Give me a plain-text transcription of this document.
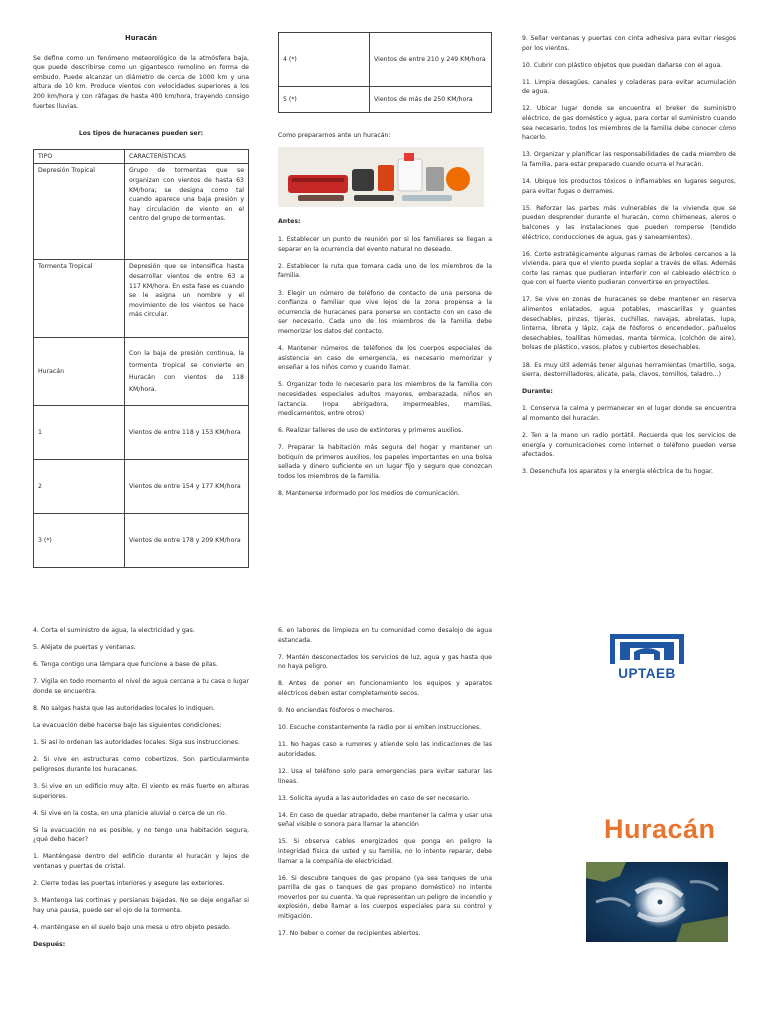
Huracán

Se define como un fenómeno meteorológico de la atmósfera baja, que puede describirse como un gigantesco remolino en forma de embudo. Puede alcanzar un diámetro de cerca de 1000 km y una altura de 10 km. Produce vientos con velocidades superiores a los 200 km/hora y con ráfagas de hasta 400 km/hora, trayendo consigo fuertes lluvias.

Los tipos de huracanes pueden ser:

TIPO	CARACTERÍSTICAS
Depresión Tropical	Grupo de tormentas que se organizan con vientos de hasta 63 KM/hora; se designa como tal cuando aparece una baja presión y hay circulación de viento en el centro del grupo de tormentas.
Tormenta Tropical	Depresión que se intensifica hasta desarrollar vientos de entre 63 a 117 KM/hora. En esta fase es cuando se le asigna un nombre y el movimiento de los vientos se hace más circular.
Huracán	Con la baja de presión continua, la tormenta tropical se convierte en Huracán con vientos de 118 KM/hora.
1	Vientos de entre 118 y 153 KM/hora
2	Vientos de entre 154 y 177 KM/hora
3 (*)	Vientos de entre 178 y 209 KM/hora
4 (*)	Vientos de entre 210 y 249 KM/hora
5 (*)	Vientos de más de 250 KM/hora

Como prepararnos ante un huracán:

Antes:

1. Establecer un punto de reunión por si los familiares se llegan a separar en la ocurrencia del evento natural no deseado.

2. Establecer la ruta que tomara cada uno de los miembros de la familia.

3. Elegir un número de teléfono de contacto de una persona de confianza o familiar que vive lejos de la zona propensa a la ocurrencia de huracanes para ponerse en contacto con en caso de ser necesario. Cada uno de los miembros de la familia debe memorizar los datos del contacto.

4. Mantener números de teléfonos de los cuerpos especiales de asistencia en caso de emergencia, es necesario memorizar y enseñar a los niños como y cuando llamar.

5. Organizar todo lo necesario para los miembros de la familia con necesidades especiales adultos mayores, embarazada, niños en lactancia. (ropa abrigadora, impermeables, mamilas, medicamentos, entre otros)

6. Realizar talleres de uso de extintores y primeros auxilios.

7. Preparar la habitación más segura del hogar y mantener un botiquín de primeros auxilios, los papeles importantes en una bolsa sellada y dinero suficiente en un lugar fijo y seguro que conozcan todos los miembros de la familia.

8. Mantenerse informado por los medios de comunicación.

9. Sellar ventanas y puertas con cinta adhesiva para evitar riesgos por los vientos.

10. Cubrir con plástico objetos que puedan dañarse con el agua.

11. Limpia desagües, canales y coladeras para evitar acumulación de agua.

12. Ubicar lugar donde se encuentra el breker de suministro eléctrico, de gas doméstico y agua, para cortar el suministro cuando sea necesario, todos los miembros de la familia debe conocer cómo hacerlo.

13. Organizar y planificar las responsabilidades de cada miembro de la familia, para estar preparado cuando ocurra el huracán.

14. Ubique los productos tóxicos o inflamables en lugares seguros, para evitar fugas o derrames.

15. Reforzar las partes más vulnerables de la vivienda que se pueden desprender durante el huracán, como chimeneas, aleros o balcones y las instalaciones que pueden romperse (tendido eléctrico, conducciones de agua, gas y saneamientos).

16. Corte estratégicamente algunas ramas de árboles cercanos a la vivienda, para que el viento pueda soplar a través de ellas. Además corte las ramas que pudieran interferir con el cableado eléctrico o que con el fuerte viento pudieran convertirse en proyectiles.

17. Se vive en zonas de huracanes se debe mantener en reserva alimentos enlatados, agua potables, mascarillas y guantes desechables, pinzas, tijeras, cuchillas, navajas, abrelatas, lupa, linterna, libreta y lápiz, caja de fósforos o encendedor, pañuelos desechables, toallitas húmedas, manta térmica, (colchón de aire), bolsas de plástico, vasos, platos y cubiertos desechables.

18. Es muy útil además tener algunas herramientas (martillo, soga, sierra, destornilladores, alicate, pala, clavos, tornillos, taladro...)

Durante:

1. Conserva la calma y permanecer en el lugar donde se encuentra al momento del huracán.

2. Ten a la mano un radio portátil. Recuerda que los servicios de energía y comunicaciones como internet o teléfono pueden verse afectados.

3. Desenchufa los aparatos y la energía eléctrica de tu hogar.

4. Corta el suministro de agua, la electricidad y gas.

5. Aléjate de puertas y ventanas.

6. Tenga contigo una lámpara que funcione a base de pilas.

7. Vigila en todo momento el nivel de agua cercana a tu casa o lugar donde se encuentra.

8. No salgas hasta que las autoridades locales lo indiquen.

La evacuación debe hacerse bajo las siguientes condiciones:

1. Si así lo ordenan las autoridades locales. Siga sus instrucciones.

2. Si vive en estructuras como cobertizos. Son particularmente peligrosos durante los huracanes.

3. Si vive en un edificio muy alto. El viento es más fuerte en alturas superiores.

4. Si vive en la costa, en una planicie aluvial o cerca de un río.

Si la evacuación no es posible, y no tengo una habitación segura, ¿qué debo hacer?

1. Manténgase dentro del edificio durante el huracán y lejos de ventanas y puertas de cristal.

2. Cierre todas las puertas interiores y asegure las exteriores.

3. Mantenga las cortinas y persianas bajadas. No se deje engañar si hay una pausa, puede ser el ojo de la tormenta.

4. manténgase en el suelo bajo una mesa u otro objeto pesado.

Después:

6. en labores de limpieza en tu comunidad como desalojo de agua estancada.

7. Mantén desconectados los servicios de luz, agua y gas hasta que no haya peligro.

8. Antes de poner en funcionamiento los equipos y aparatos eléctricos deben estar completamente secos.

9. No enciendas fósforos o mecheros.

10. Escuche constantemente la radio por si emiten instrucciones.

11. No hagas caso a rumores y atiende solo las indicaciones de las autoridades.

12. Usa el teléfono solo para emergencias para evitar saturar las líneas.

13. Solicita ayuda a las autoridades en caso de ser necesario.

14. En caso de quedar atrapado, debe mantener la calma y usar una señal visible o sonora para llamar la atención

15. Si observa cables energizados que ponga en peligro la integridad física de usted y su familia, no lo intente reparar, debe llamar a la compañía de electricidad.

16. Si descubre tanques de gas propano (ya sea tanques de una parrilla de gas o tanques de gas propano doméstico) no intente moverlos por su cuenta. Ya que representan un peligro de incendio y explosión, debe llamar a los cuerpos especiales para su control y mitigación.

17. No beber o comer de recipientes abiertos.

UPTAEB
Huracán
